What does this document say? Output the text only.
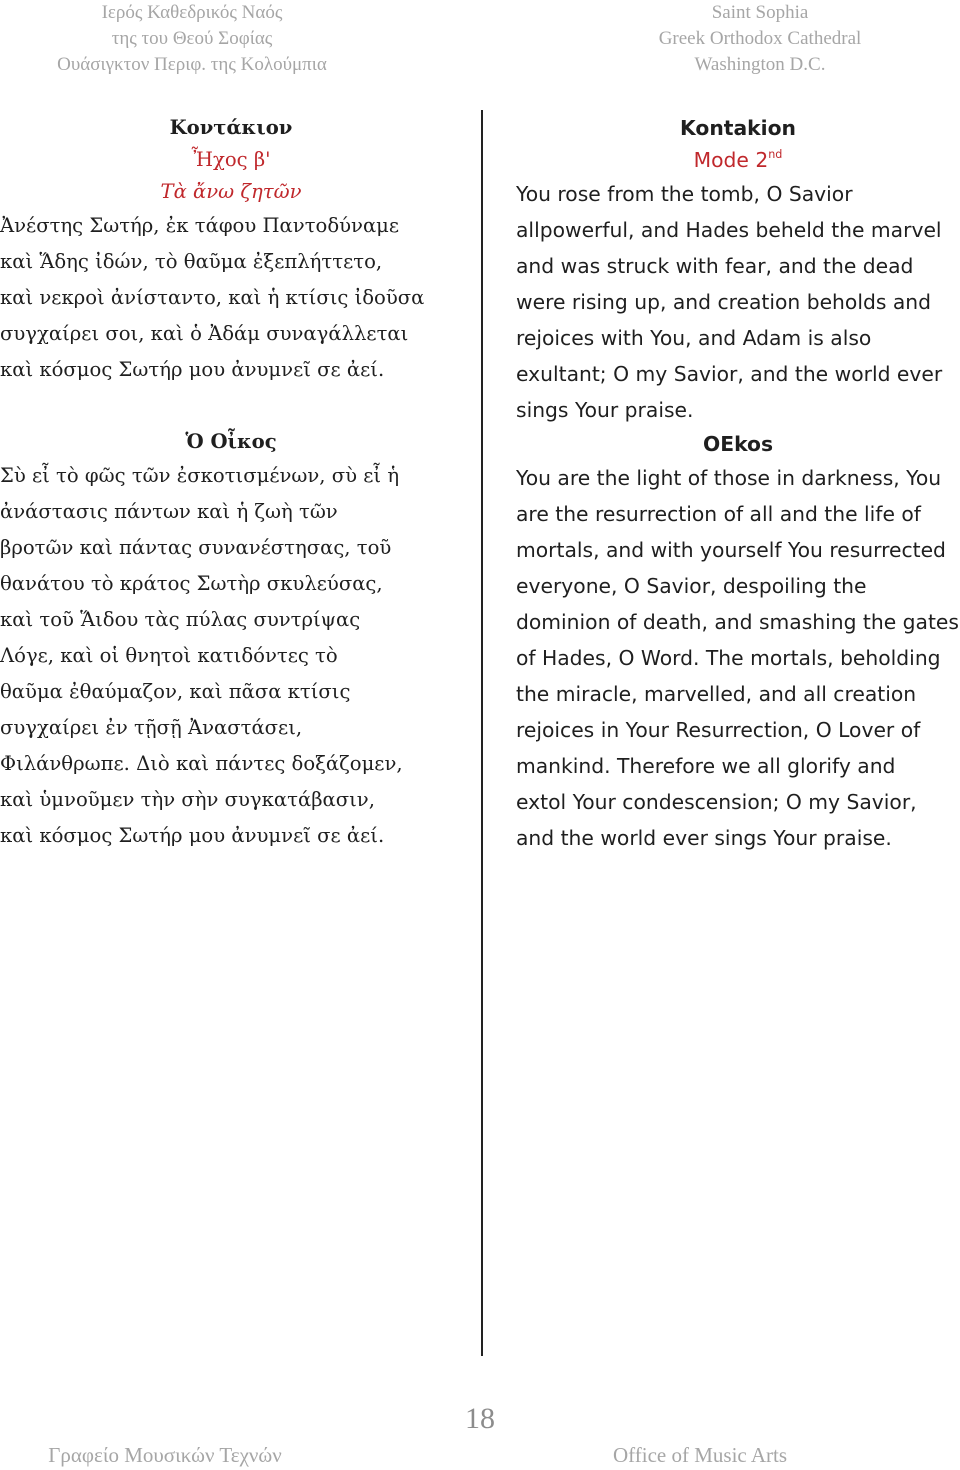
Ιερός Καθεδρικός Ναός
της του Θεού Σοφίας
Ουάσιγκτον Περιφ. της Κολούμπια
Saint Sophia
Greek Orthodox Cathedral
Washington D.C.

Κοντάκιον

Ἦχος β'

Τὰ ἄνω ζητῶν

Ἀνέστης Σωτήρ, ἐκ τάφου Παντοδύναμε

καὶ Ἅδης ἰδών, τὸ θαῦμα ἐξεπλήττετο,

καὶ νεκροὶ ἀνίσταντο, καὶ ἡ κτίσις ἰδοῦσα

συγχαίρει σοι, καὶ ὁ Ἀδάμ συναγάλλεται

καὶ κόσμος Σωτήρ μου ἀνυμνεῖ σε ἀεί.

Ὁ Οἶκος

Σὺ εἶ τὸ φῶς τῶν ἐσκοτισμένων, σὺ εἶ ἡ

ἀνάστασις πάντων καὶ ἡ ζωὴ τῶν

βροτῶν καὶ πάντας συνανέστησας, τοῦ

θανάτου τὸ κράτος Σωτὴρ σκυλεύσας,

καὶ τοῦ Ἅιδου τὰς πύλας συντρίψας

Λόγε, καὶ οἱ θνητοὶ κατιδόντες τὸ

θαῦμα ἐθαύμαζον, καὶ πᾶσα κτίσις

συγχαίρει ἐν τῇσῇ Ἀναστάσει,

Φιλάνθρωπε. Διὸ καὶ πάντες δοξάζομεν,

καὶ ὑμνοῦμεν τὴν σὴν συγκατάβασιν,

καὶ κόσμος Σωτήρ μου ἀνυμνεῖ σε ἀεί.

Kontakion

Mode 2nd

You rose from the tomb, O Savior

allpowerful, and Hades beheld the marvel

and was struck with fear, and the dead

were rising up, and creation beholds and

rejoices with You, and Adam is also

exultant; O my Savior, and the world ever

sings Your praise.

OEkos

You are the light of those in darkness, You

are the resurrection of all and the life of

mortals, and with yourself You resurrected

everyone, O Savior, despoiling the

dominion of death, and smashing the gates

of Hades, O Word. The mortals, beholding

the miracle, marvelled, and all creation

rejoices in Your Resurrection, O Lover of

mankind. Therefore we all glorify and

extol Your condescension; O my Savior,

and the world ever sings Your praise.

18
Γραφείο Μουσικών Τεχνών	Office of Music Arts
